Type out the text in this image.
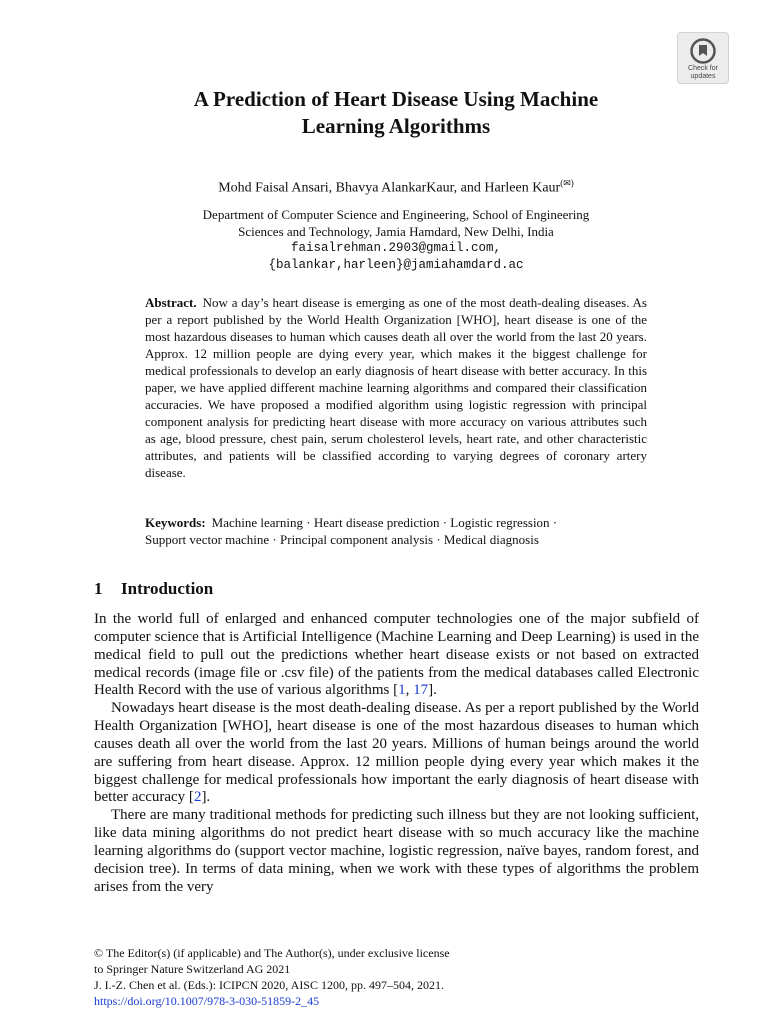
Check for
updates
A Prediction of Heart Disease Using Machine
Learning Algorithms
Mohd Faisal Ansari, Bhavya AlankarKaur, and Harleen Kaur(✉)
Department of Computer Science and Engineering, School of Engineering
Sciences and Technology, Jamia Hamdard, New Delhi, India
faisalrehman.2903@gmail.com,
{balankar,harleen}@jamiahamdard.ac

Abstract. Now a day’s heart disease is emerging as one of the most death-dealing diseases. As per a report published by the World Health Organization [WHO], heart disease is one of the most hazardous diseases to human which causes death all over the world from the last 20 years. Approx. 12 million people are dying every year, which makes it the biggest challenge for medical professionals to develop an early diagnosis of heart disease with better accuracy. In this paper, we have applied different machine learning algorithms and compared their classification accuracies. We have proposed a modified algorithm using logistic regression with principal component analysis for predicting heart disease with more accuracy on various attributes such as age, blood pressure, chest pain, serum cholesterol levels, heart rate, and other characteristic attributes, and patients will be classified according to varying degrees of coronary artery disease.

Keywords: Machine learning · Heart disease prediction · Logistic regression ·
Support vector machine · Principal component analysis · Medical diagnosis
1 Introduction

In the world full of enlarged and enhanced computer technologies one of the major subfield of computer science that is Artificial Intelligence (Machine Learning and Deep Learning) is used in the medical field to pull out the predictions whether heart disease exists or not based on extracted medical records (image file or .csv file) of the patients from the medical databases called Electronic Health Record with the use of various algorithms [1, 17].

Nowadays heart disease is the most death-dealing disease. As per a report published by the World Health Organization [WHO], heart disease is one of the most hazardous diseases to human which causes death all over the world from the last 20 years. Millions of human beings around the world are suffering from heart disease. Approx. 12 million people dying every year which makes it the biggest challenge for medical professionals how important the early diagnosis of heart disease with better accuracy [2].

There are many traditional methods for predicting such illness but they are not looking sufficient, like data mining algorithms do not predict heart disease with so much accuracy like the machine learning algorithms do (support vector machine, logistic regression, naïve bayes, random forest, and decision tree). In terms of data mining, when we work with these types of algorithms the problem arises from the very

© The Editor(s) (if applicable) and The Author(s), under exclusive license
to Springer Nature Switzerland AG 2021
J. I.-Z. Chen et al. (Eds.): ICIPCN 2020, AISC 1200, pp. 497–504, 2021.
https://doi.org/10.1007/978-3-030-51859-2_45
